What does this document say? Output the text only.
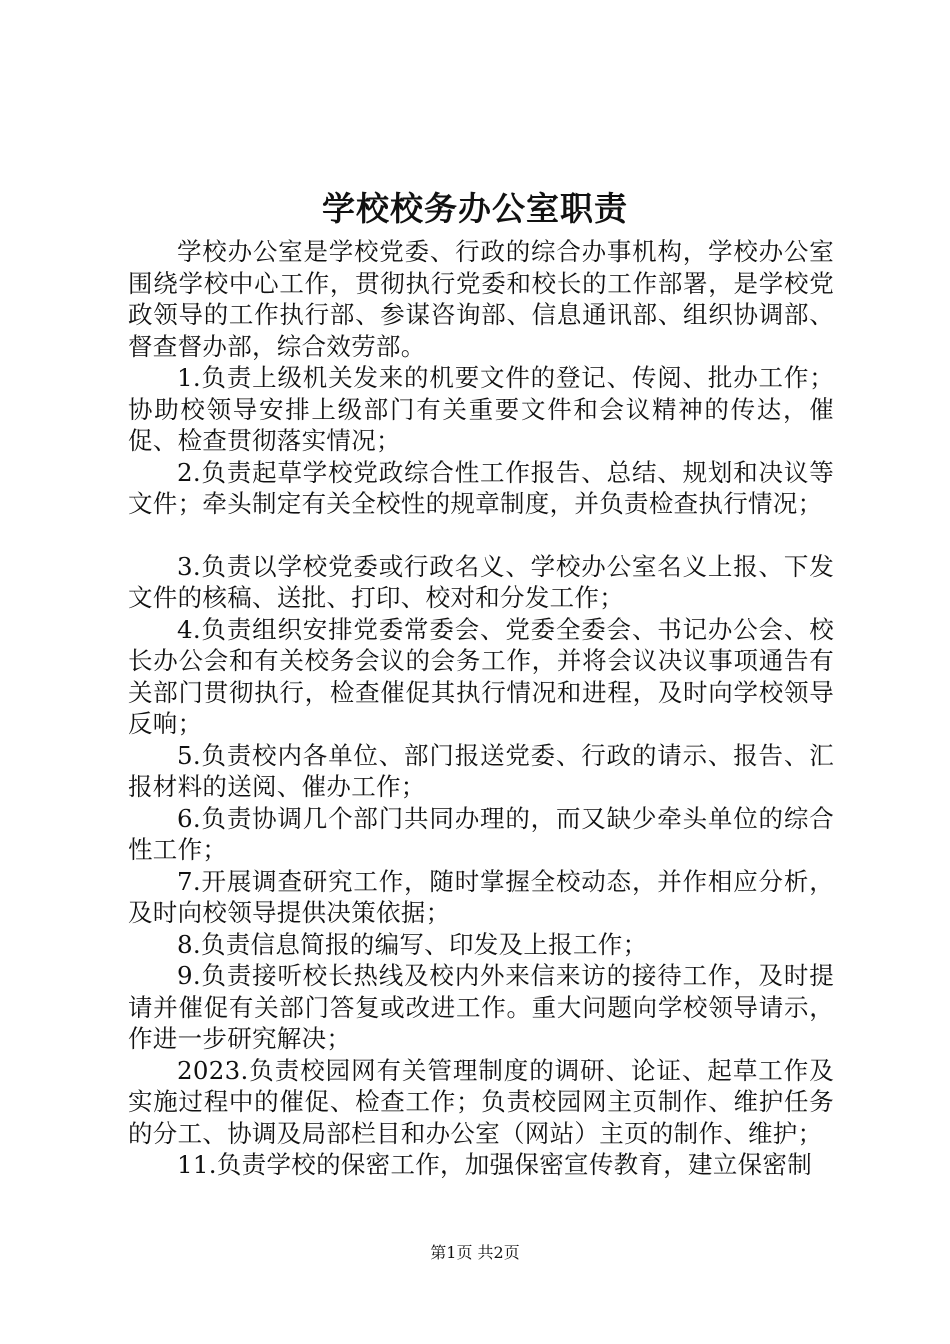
学校校务办公室职责

学校办公室是学校党委、行政的综合办事机构，学校办公室围绕学校中心工作，贯彻执行党委和校长的工作部署，是学校党政领导的工作执行部、参谋咨询部、信息通讯部、组织协调部、督查督办部，综合效劳部。

1.负责上级机关发来的机要文件的登记、传阅、批办工作；协助校领导安排上级部门有关重要文件和会议精神的传达，催促、检查贯彻落实情况；

2.负责起草学校党政综合性工作报告、总结、规划和决议等文件；牵头制定有关全校性的规章制度，并负责检查执行情况；

3.负责以学校党委或行政名义、学校办公室名义上报、下发文件的核稿、送批、打印、校对和分发工作；

4.负责组织安排党委常委会、党委全委会、书记办公会、校长办公会和有关校务会议的会务工作，并将会议决议事项通告有关部门贯彻执行，检查催促其执行情况和进程，及时向学校领导反响；

5.负责校内各单位、部门报送党委、行政的请示、报告、汇报材料的送阅、催办工作；

6.负责协调几个部门共同办理的，而又缺少牵头单位的综合性工作；

7.开展调查研究工作，随时掌握全校动态，并作相应分析，及时向校领导提供决策依据；

8.负责信息简报的编写、印发及上报工作；

9.负责接听校长热线及校内外来信来访的接待工作，及时提请并催促有关部门答复或改进工作。重大问题向学校领导请示，作进一步研究解决；

2023.负责校园网有关管理制度的调研、论证、起草工作及实施过程中的催促、检查工作；负责校园网主页制作、维护任务的分工、协调及局部栏目和办公室（网站）主页的制作、维护；

11.负责学校的保密工作，加强保密宣传教育，建立保密制

第1页 共2页
